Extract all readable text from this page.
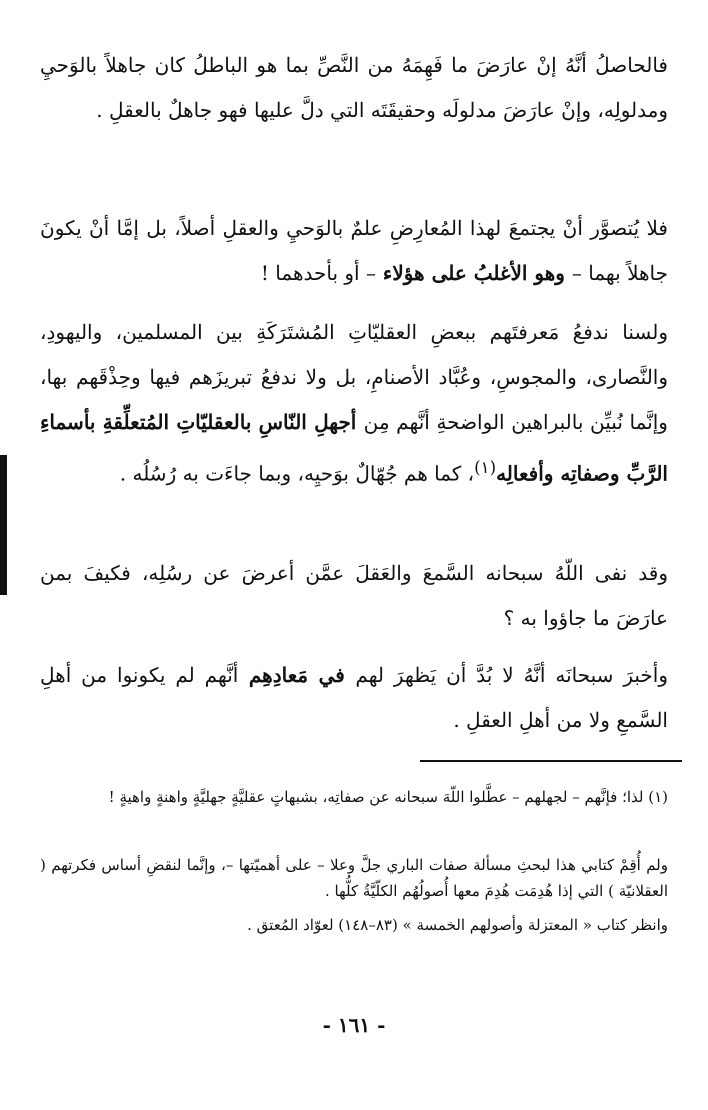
فالحاصلُ أنَّهُ إنْ عارَضَ ما فَهِمَهُ من النَّصِّ بما هو الباطلُ كان جاهلاً بالوَحيِ ومدلولِه، وإنْ عارَضَ مدلولَه وحقيقَتَه التي دلَّ عليها فهو جاهلٌ بالعقلِ .

فلا يُتصوَّر أنْ يجتمعَ لهذا المُعارِضِ علمٌ بالوَحيِ والعقلِ أصلاً، بل إمَّا أنْ يكونَ جاهلاً بهما – وهو الأغلبُ على هؤلاء – أو بأحدهما !

ولسنا ندفعُ مَعرفتَهم ببعضِ العقليّاتِ المُشتَرَكَةِ بين المسلمين، واليهودِ، والنَّصارى، والمجوسِ، وعُبَّاد الأصنامِ، بل ولا ندفعُ تبريزَهم فيها وحِذْقَهم بها، وإنَّما نُبيِّن بالبراهين الواضحةِ أنَّهم مِن أجهلِ النّاسِ بالعقليّاتِ المُتعلِّقةِ بأسماءِ الرَّبِّ وصفاتِه وأفعالِه$^{(١)}$، كما هم جُهّالٌ بوَحيِه، وبما جاءَت به رُسُلُه .

وقد نفى اللّهُ سبحانه السَّمعَ والعَقلَ عمَّن أعرضَ عن رسُلِه، فكيفَ بمن عارَضَ ما جاؤوا به ؟

وأخبرَ سبحانَه أنَّهُ لا بُدَّ أن يَظهرَ لهم في مَعادِهِم أنَّهم لم يكونوا من أهلِ السَّمعِ ولا من أهلِ العقلِ .

(١) لذا؛ فإنَّهم – لجهلهم – عطَّلوا اللّهَ سبحانه عن صفاتِه، بشبهاتٍ عقليَّةٍ جهليَّةٍ واهنةٍ واهيةٍ !

ولم أُقِمْ كتابي هذا لبحثِ مسألة صفات الباري جلَّ وعلا – على أهميّتها –، وإنَّما لنقضِ أساس فكرتهم ( العقلانيّة ) التي إذا هُدِمَت هُدِمَ معها أُصولُهُم الكلّيَّةُ كلُّها .

وانظر كتاب « المعتزلة وأصولهم الخمسة » (٨٣–١٤٨) لعوّاد المُعتق .

- ١٦١ -
